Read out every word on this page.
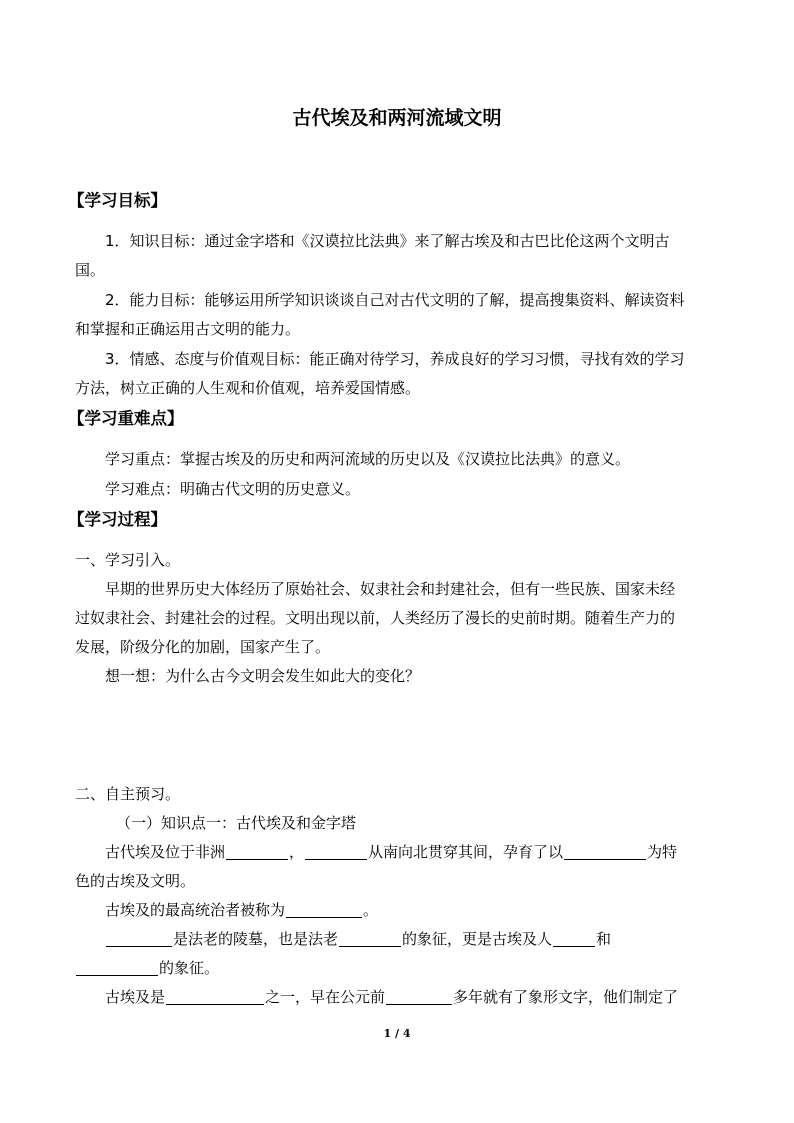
古代埃及和两河流域文明
【学习目标】
1．知识目标：通过金字塔和《汉谟拉比法典》来了解古埃及和古巴比伦这两个文明古
国。
2．能力目标：能够运用所学知识谈谈自己对古代文明的了解，提高搜集资料、解读资料
和掌握和正确运用古文明的能力。
3．情感、态度与价值观目标：能正确对待学习，养成良好的学习习惯，寻找有效的学习
方法，树立正确的人生观和价值观，培养爱国情感。
【学习重难点】
学习重点：掌握古埃及的历史和两河流域的历史以及《汉谟拉比法典》的意义。
学习难点：明确古代文明的历史意义。
【学习过程】
一、学习引入。
早期的世界历史大体经历了原始社会、奴隶社会和封建社会，但有一些民族、国家未经
过奴隶社会、封建社会的过程。文明出现以前，人类经历了漫长的史前时期。随着生产力的
发展，阶级分化的加剧，国家产生了。
想一想：为什么古今文明会发生如此大的变化？
二、自主预习。
（一）知识点一：古代埃及和金字塔
古代埃及位于非洲	，	从南向北贯穿其间，孕育了以	为特
色的古埃及文明。
古埃及的最高统治者被称为	。
是法老的陵墓，也是法老	的象征，更是古埃及人	和
的象征。
古埃及是	之一，早在公元前	多年就有了象形文字，他们制定了
1 / 4
